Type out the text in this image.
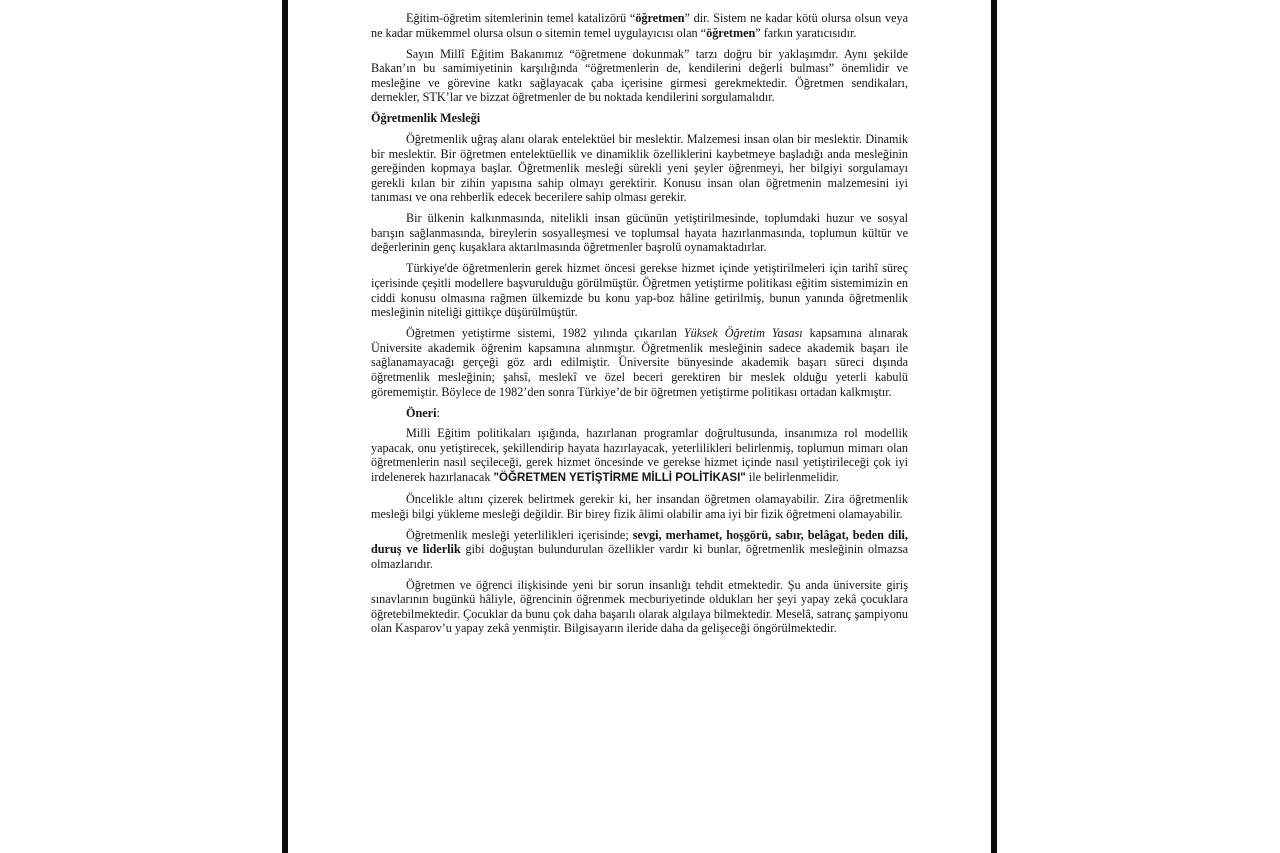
Eğitim-öğretim sitemlerinin temel katalizörü “öğretmen” dir. Sistem ne kadar kötü olursa olsun veya ne kadar mükemmel olursa olsun o sitemin temel uygulayıcısı olan “öğretmen” farkın yaratıcısıdır.

Sayın Millî Eğitim Bakanımız “öğretmene dokunmak” tarzı doğru bir yaklaşımdır. Aynı şekilde Bakan’ın bu samimiyetinin karşılığında “öğretmenlerin de, kendilerini değerli bulması” önemlidir ve mesleğine ve görevine katkı sağlayacak çaba içerisine girmesi gerekmektedir. Öğretmen sendikaları, dernekler, STK’lar ve bizzat öğretmenler de bu noktada kendilerini sorgulamalıdır.

Öğretmenlik Mesleği

Öğretmenlik uğraş alanı olarak entelektüel bir meslektir. Malzemesi insan olan bir meslektir. Dinamik bir meslektir. Bir öğretmen entelektüellik ve dinamiklik özelliklerini kaybetmeye başladığı anda mesleğinin gereğinden kopmaya başlar. Öğretmenlik mesleği sürekli yeni şeyler öğrenmeyi, her bilgiyi sorgulamayı gerekli kılan bir zihin yapısına sahip olmayı gerektirir. Konusu insan olan öğretmenin malzemesini iyi tanıması ve ona rehberlik edecek becerilere sahip olması gerekir.

Bir ülkenin kalkınmasında, nitelikli insan gücünün yetiştirilmesinde, toplumdaki huzur ve sosyal barışın sağlanmasında, bireylerin sosyalleşmesi ve toplumsal hayata hazırlanmasında, toplumun kültür ve değerlerinin genç kuşaklara aktarılmasında öğretmenler başrolü oynamaktadırlar.

Türkiye'de öğretmenlerin gerek hizmet öncesi gerekse hizmet içinde yetiştirilmeleri için tarihî süreç içerisinde çeşitli modellere başvurulduğu görülmüştür. Öğretmen yetiştirme politikası eğitim sistemimizin en ciddi konusu olmasına rağmen ülkemizde bu konu yap-boz hâline getirilmiş, bunun yanında öğretmenlik mesleğinin niteliği gittikçe düşürülmüştür.

Öğretmen yetiştirme sistemi, 1982 yılında çıkarılan Yüksek Öğretim Yasası kapsamına alınarak Üniversite akademik öğrenim kapsamına alınmıştır. Öğretmenlik mesleğinin sadece akademik başarı ile sağlanamayacağı gerçeği göz ardı edilmiştir. Üniversite bünyesinde akademik başarı süreci dışında öğretmenlik mesleğinin; şahsî, meslekî ve özel beceri gerektiren bir meslek olduğu yeterli kabulü görememiştir. Böylece de 1982’den sonra Türkiye’de bir öğretmen yetiştirme politikası ortadan kalkmıştır.

Öneri:

Milli Eğitim politikaları ışığında, hazırlanan programlar doğrultusunda, insanımıza rol modellik yapacak, onu yetiştirecek, şekillendirip hayata hazırlayacak, yeterlilikleri belirlenmiş, toplumun mimarı olan öğretmenlerin nasıl seçileceği, gerek hizmet öncesinde ve gerekse hizmet içinde nasıl yetiştirileceği çok iyi irdelenerek hazırlanacak "ÖĞRETMEN YETİŞTİRME MİLLİ POLİTİKASI" ile belirlenmelidir.

Öncelikle altını çizerek belirtmek gerekir ki, her insandan öğretmen olamayabilir. Zira öğretmenlik mesleği bilgi yükleme mesleği değildir. Bir birey fizik âlimi olabilir ama iyi bir fizik öğretmeni olamayabilir.

Öğretmenlik mesleği yeterlilikleri içerisinde; sevgi, merhamet, hoşgörü, sabır, belâgat, beden dili, duruş ve liderlik gibi doğuştan bulundurulan özellikler vardır ki bunlar, öğretmenlik mesleğinin olmazsa olmazlarıdır.

Öğretmen ve öğrenci ilişkisinde yeni bir sorun insanlığı tehdit etmektedir. Şu anda üniversite giriş sınavlarının bugünkü hâliyle, öğrencinin öğrenmek mecburiyetinde oldukları her şeyi yapay zekâ çocuklara öğretebilmektedir. Çocuklar da bunu çok daha başarılı olarak algılaya bilmektedir. Meselâ, satranç şampiyonu olan Kasparov’u yapay zekâ yenmiştir. Bilgisayarın ileride daha da gelişeceği öngörülmektedir.
